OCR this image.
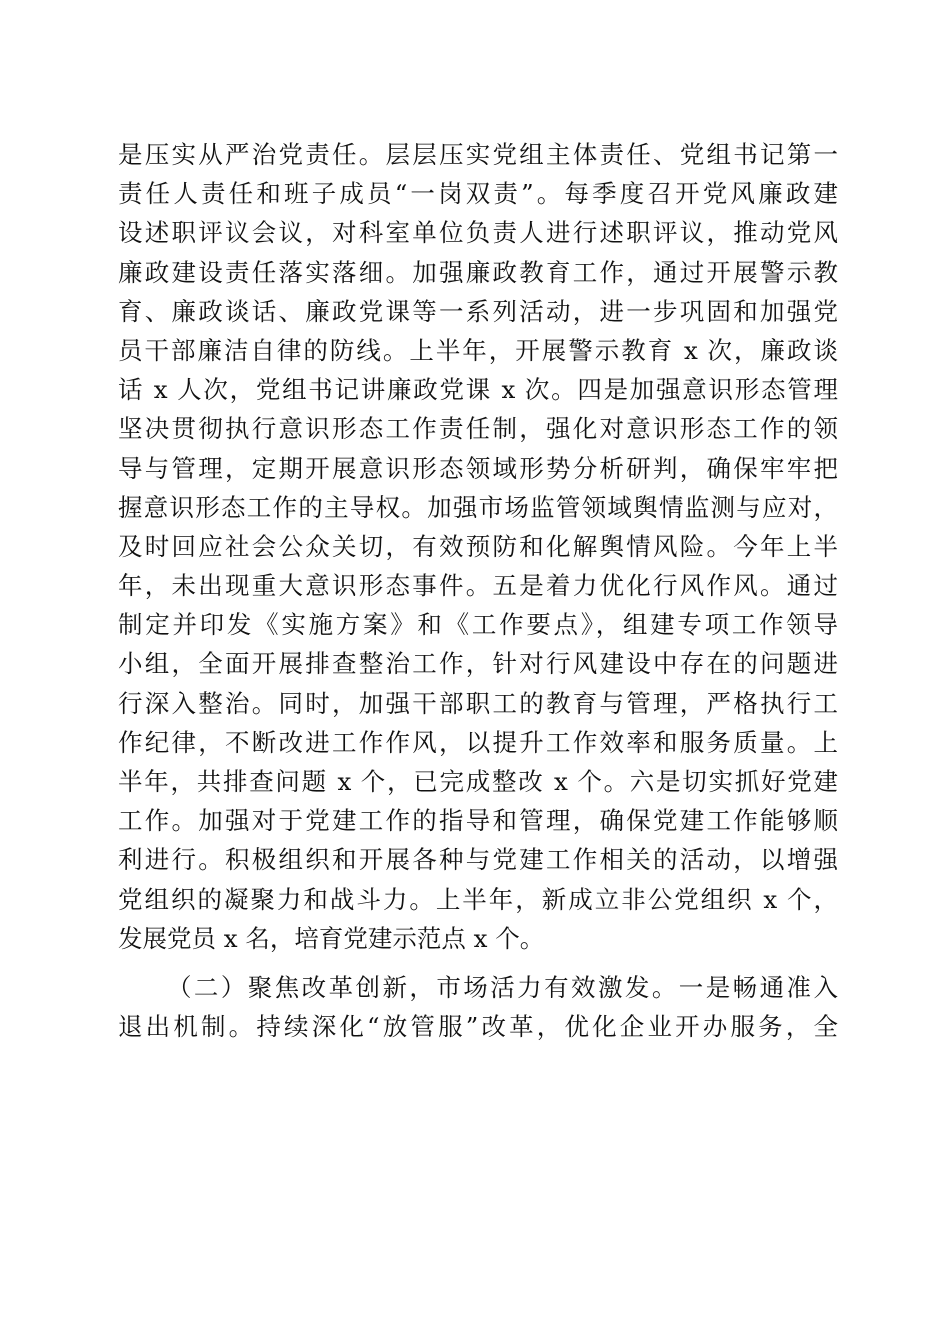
是压实从严治党责任。层层压实党组主体责任、党组书记第一
责任人责任和班子成员“一岗双责”。每季度召开党风廉政建
设述职评议会议，对科室单位负责人进行述职评议，推动党风
廉政建设责任落实落细。加强廉政教育工作，通过开展警示教
育、廉政谈话、廉政党课等一系列活动，进一步巩固和加强党
员干部廉洁自律的防线。上半年，开展警示教育 x 次，廉政谈
话 x 人次，党组书记讲廉政党课 x 次。四是加强意识形态管理
坚决贯彻执行意识形态工作责任制，强化对意识形态工作的领
导与管理，定期开展意识形态领域形势分析研判，确保牢牢把
握意识形态工作的主导权。加强市场监管领域舆情监测与应对，
及时回应社会公众关切，有效预防和化解舆情风险。今年上半
年，未出现重大意识形态事件。五是着力优化行风作风。通过
制定并印发《实施方案》和《工作要点》，组建专项工作领导
小组，全面开展排查整治工作，针对行风建设中存在的问题进
行深入整治。同时，加强干部职工的教育与管理，严格执行工
作纪律，不断改进工作作风，以提升工作效率和服务质量。上
半年，共排查问题 x 个，已完成整改 x 个。六是切实抓好党建
工作。加强对于党建工作的指导和管理，确保党建工作能够顺
利进行。积极组织和开展各种与党建工作相关的活动，以增强
党组织的凝聚力和战斗力。上半年，新成立非公党组织 x 个，
发展党员 x 名，培育党建示范点 x 个。
（二）聚焦改革创新，市场活力有效激发。一是畅通准入
退出机制。持续深化“放管服”改革，优化企业开办服务，全
